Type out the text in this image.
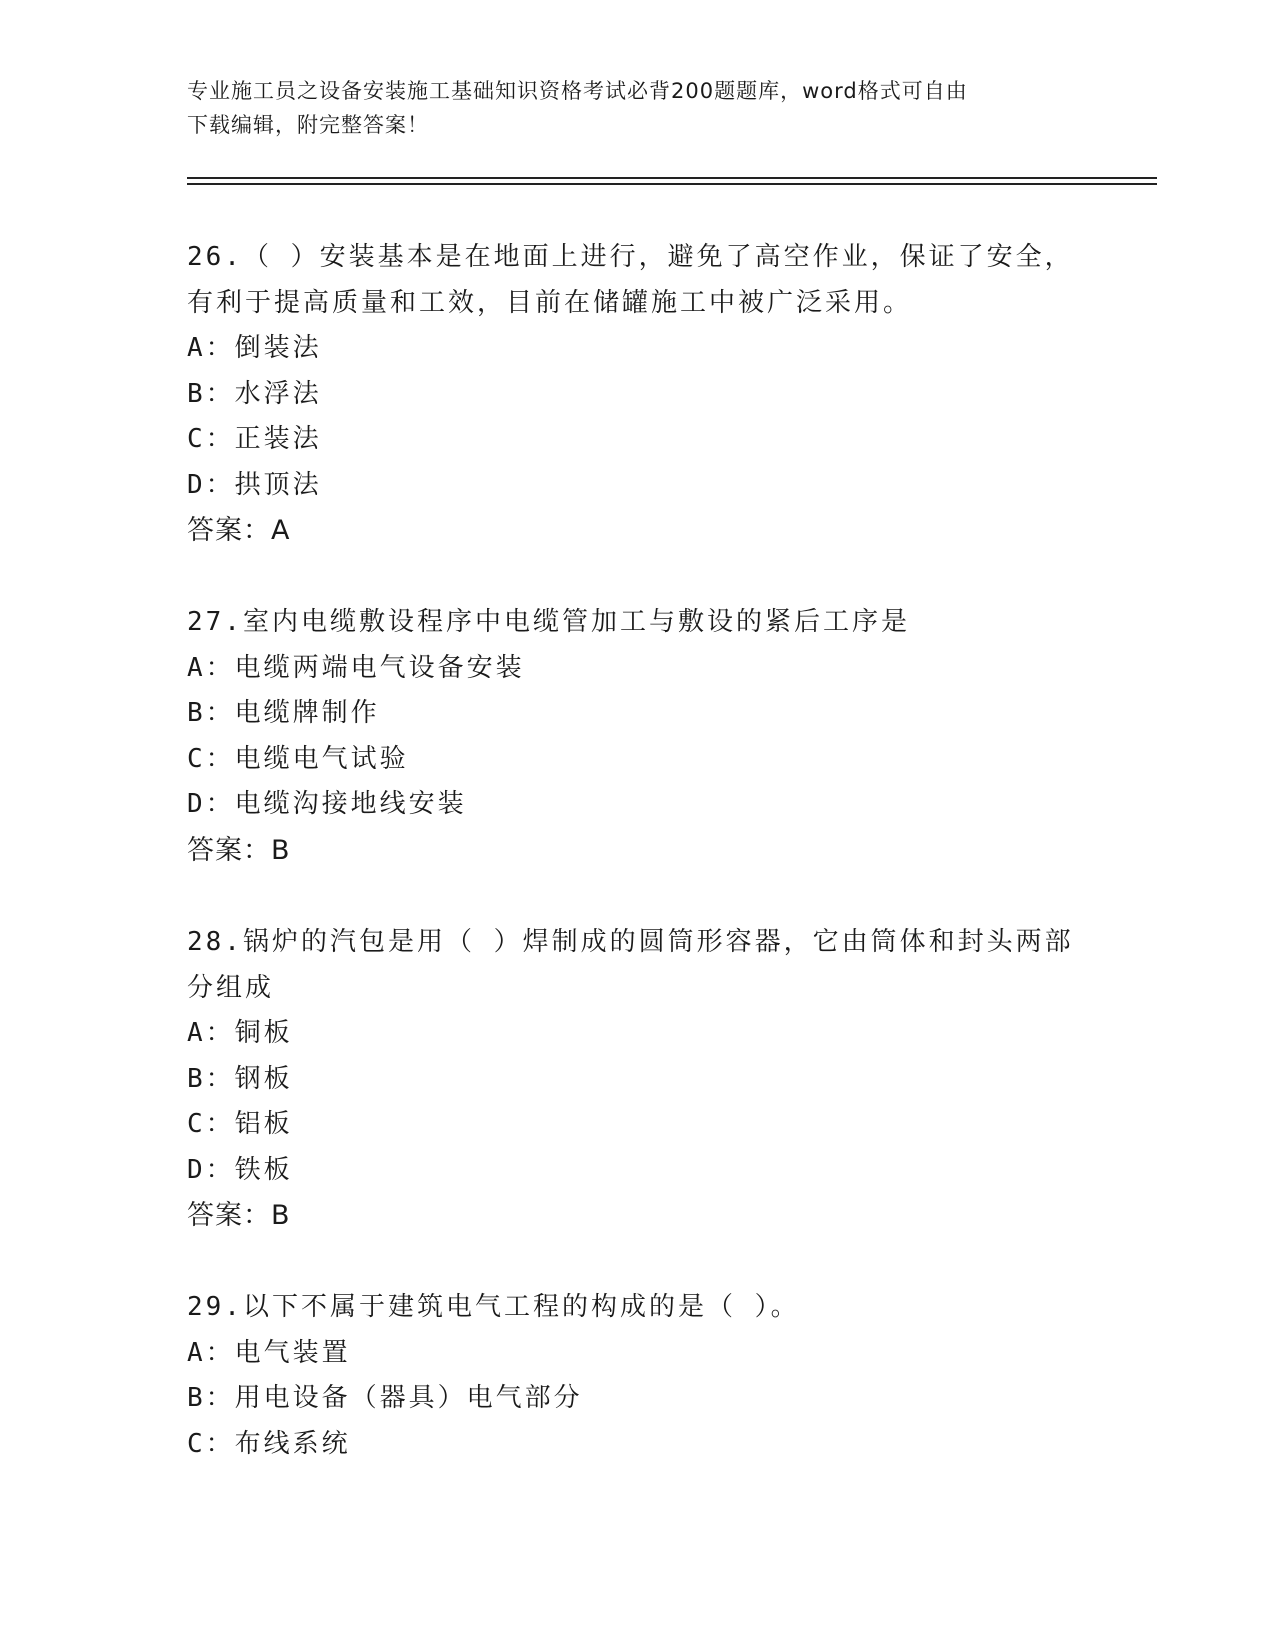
专业施工员之设备安装施工基础知识资格考试必背200题题库，word格式可自由
下载编辑，附完整答案！
26.（ ）安装基本是在地面上进行，避免了高空作业，保证了安全，
有利于提高质量和工效，目前在储罐施工中被广泛采用。
A：倒装法
B：水浮法
C：正装法
D：拱顶法
答案：A
27.室内电缆敷设程序中电缆管加工与敷设的紧后工序是
A：电缆两端电气设备安装
B：电缆牌制作
C：电缆电气试验
D：电缆沟接地线安装
答案：B
28.锅炉的汽包是用（ ）焊制成的圆筒形容器，它由筒体和封头两部
分组成
A：铜板
B：钢板
C：铝板
D：铁板
答案：B
29.以下不属于建筑电气工程的构成的是（ ）。
A：电气装置
B：用电设备（器具）电气部分
C：布线系统
